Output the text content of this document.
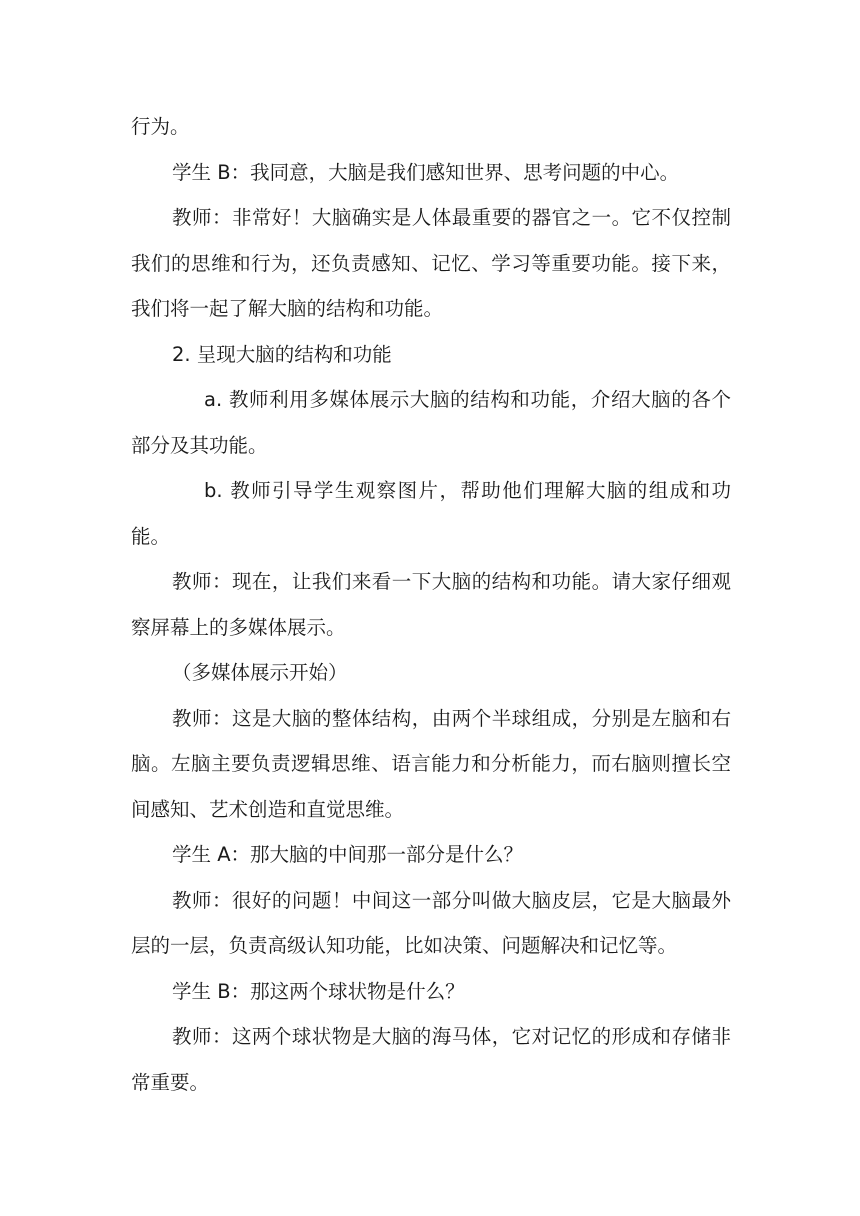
行为。

学生 B：我同意，大脑是我们感知世界、思考问题的中心。

教师：非常好！大脑确实是人体最重要的器官之一。它不仅控制我们的思维和行为，还负责感知、记忆、学习等重要功能。接下来，我们将一起了解大脑的结构和功能。

2. 呈现大脑的结构和功能

a. 教师利用多媒体展示大脑的结构和功能，介绍大脑的各个部分及其功能。

b. 教师引导学生观察图片，帮助他们理解大脑的组成和功能。

教师：现在，让我们来看一下大脑的结构和功能。请大家仔细观察屏幕上的多媒体展示。

（多媒体展示开始）

教师：这是大脑的整体结构，由两个半球组成，分别是左脑和右脑。左脑主要负责逻辑思维、语言能力和分析能力，而右脑则擅长空间感知、艺术创造和直觉思维。

学生 A：那大脑的中间那一部分是什么？

教师：很好的问题！中间这一部分叫做大脑皮层，它是大脑最外层的一层，负责高级认知功能，比如决策、问题解决和记忆等。

学生 B：那这两个球状物是什么？

教师：这两个球状物是大脑的海马体，它对记忆的形成和存储非常重要。
